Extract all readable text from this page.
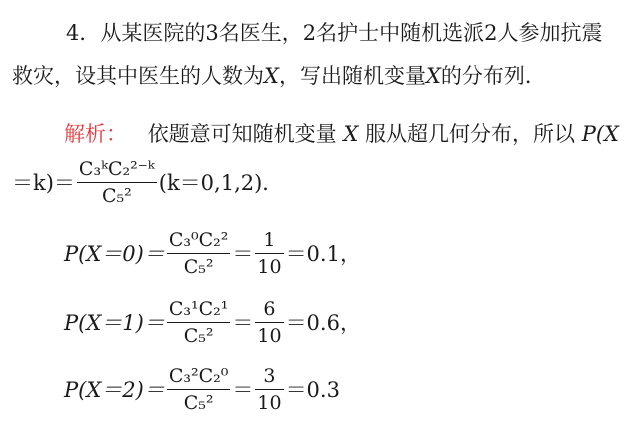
4．从某医院的3名医生，2名护士中随机选派2人参加抗震
救灾，设其中医生的人数为X，写出随机变量X的分布列．
解析： 依题意可知随机变量 X 服从超几何分布，所以 P(X
$=k)= \frac{\text{C₃ᵏC₂²⁻ᵏ}}{\text{C₅²}} (k=0,1,2)$．
$P(X=0)= \frac{\text{C₃⁰C₂²}}{\text{C₅²}} = \frac{1}{10} =0.1$，
$P(X=1)= \frac{\text{C₃¹C₂¹}}{\text{C₅²}} = \frac{6}{10} =0.6$，
$P(X=2)= \frac{\text{C₃²C₂⁰}}{\text{C₅²}} = \frac{3}{10} =0.3$
